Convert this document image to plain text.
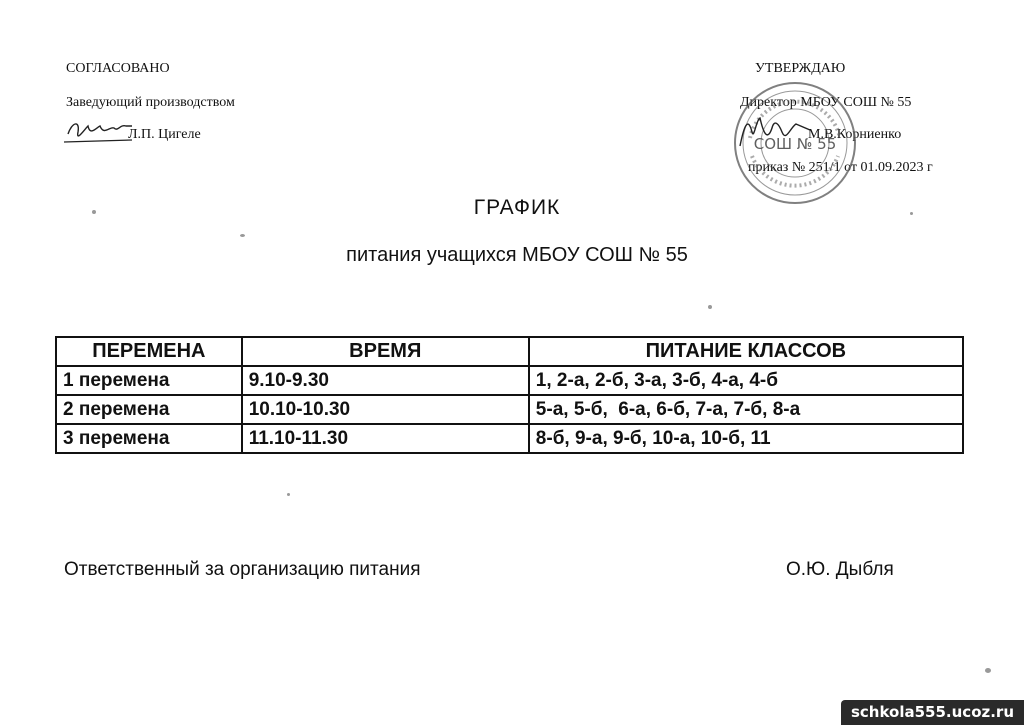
СОГЛАСОВАНО
Заведующий производством
Л.П. Цигеле
УТВЕРЖДАЮ
Директор МБОУ СОШ № 55
М.В.Корниенко
приказ № 251/1 от 01.09.2023 г
СОШ № 55
ГРАФИК
питания учащихся МБОУ СОШ № 55
ПЕРЕМЕНА	ВРЕМЯ	ПИТАНИЕ КЛАССОВ
1 перемена	9.10-9.30	1, 2-а, 2-б, 3-а, 3-б, 4-а, 4-б
2 перемена	10.10-10.30	5-а, 5-б,  6-а, 6-б, 7-а, 7-б, 8-а
3 перемена	11.10-11.30	8-б, 9-а, 9-б, 10-а, 10-б, 11
Ответственный за организацию питания	О.Ю. Дыбля
schkola555.ucoz.ru
